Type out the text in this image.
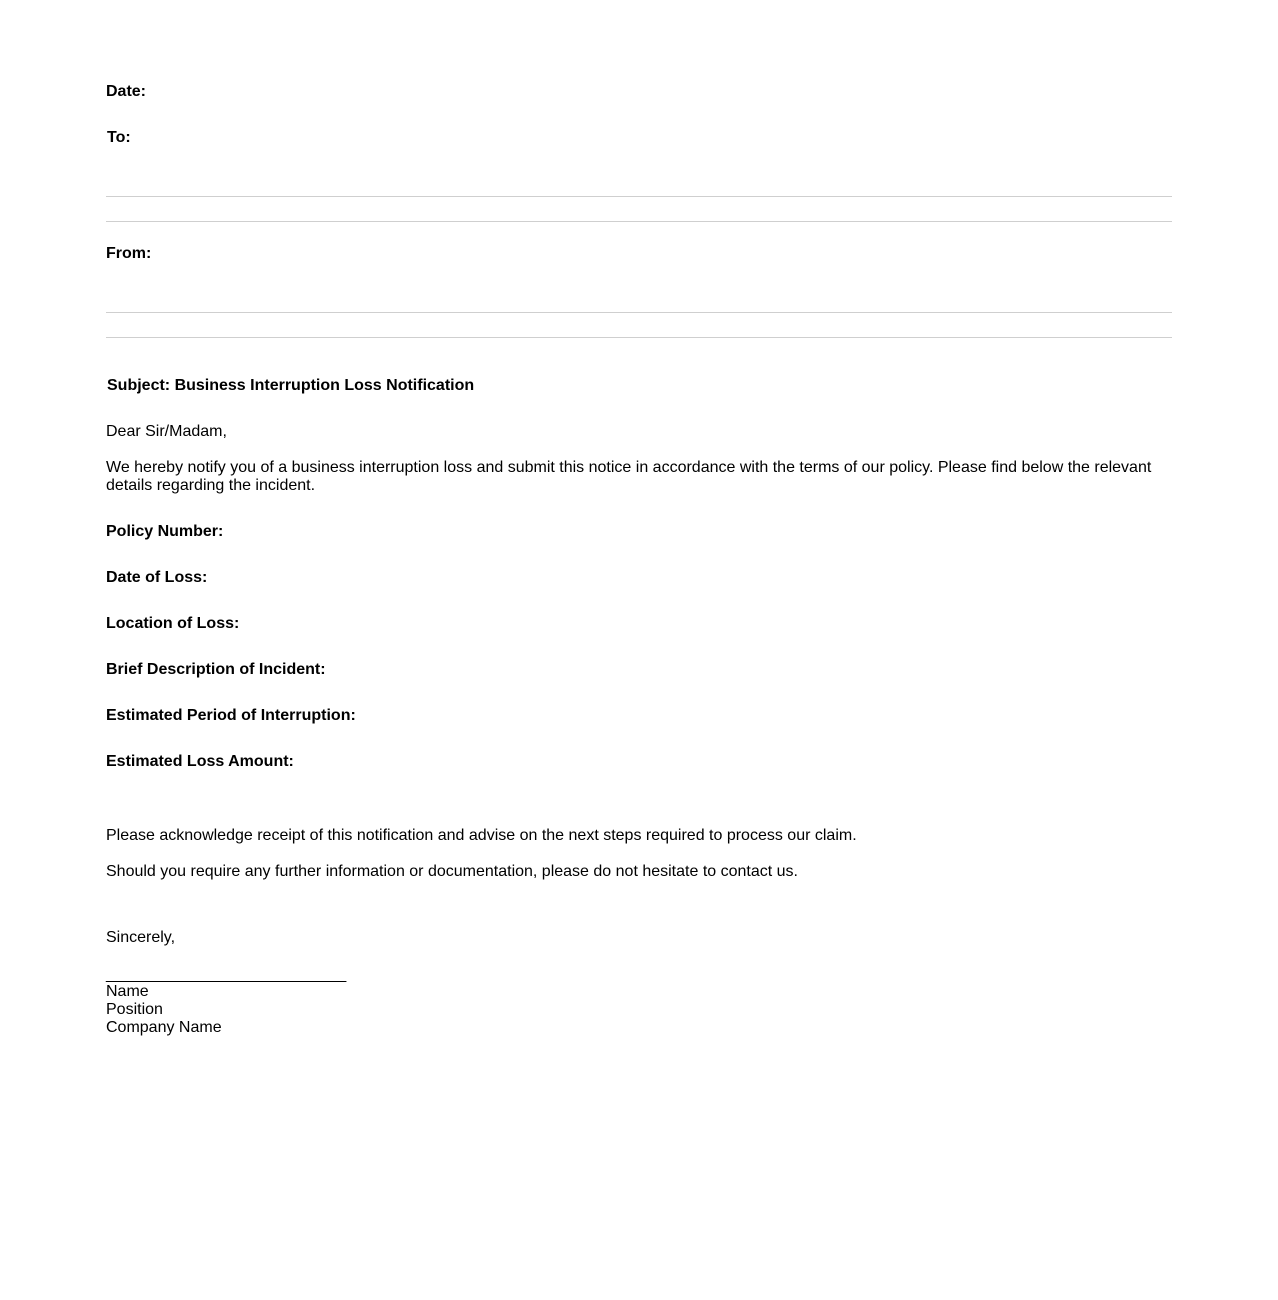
Date:
To:
From:
Subject: Business Interruption Loss Notification
Dear Sir/Madam,
We hereby notify you of a business interruption loss and submit this notice in accordance with the terms of our policy. Please find below the relevant details regarding the incident.
Policy Number:
Date of Loss:
Location of Loss:
Brief Description of Incident:
Estimated Period of Interruption:
Estimated Loss Amount:
Please acknowledge receipt of this notification and advise on the next steps required to process our claim.
Should you require any further information or documentation, please do not hesitate to contact us.
Sincerely,
___________________________
Name
Position
Company Name
